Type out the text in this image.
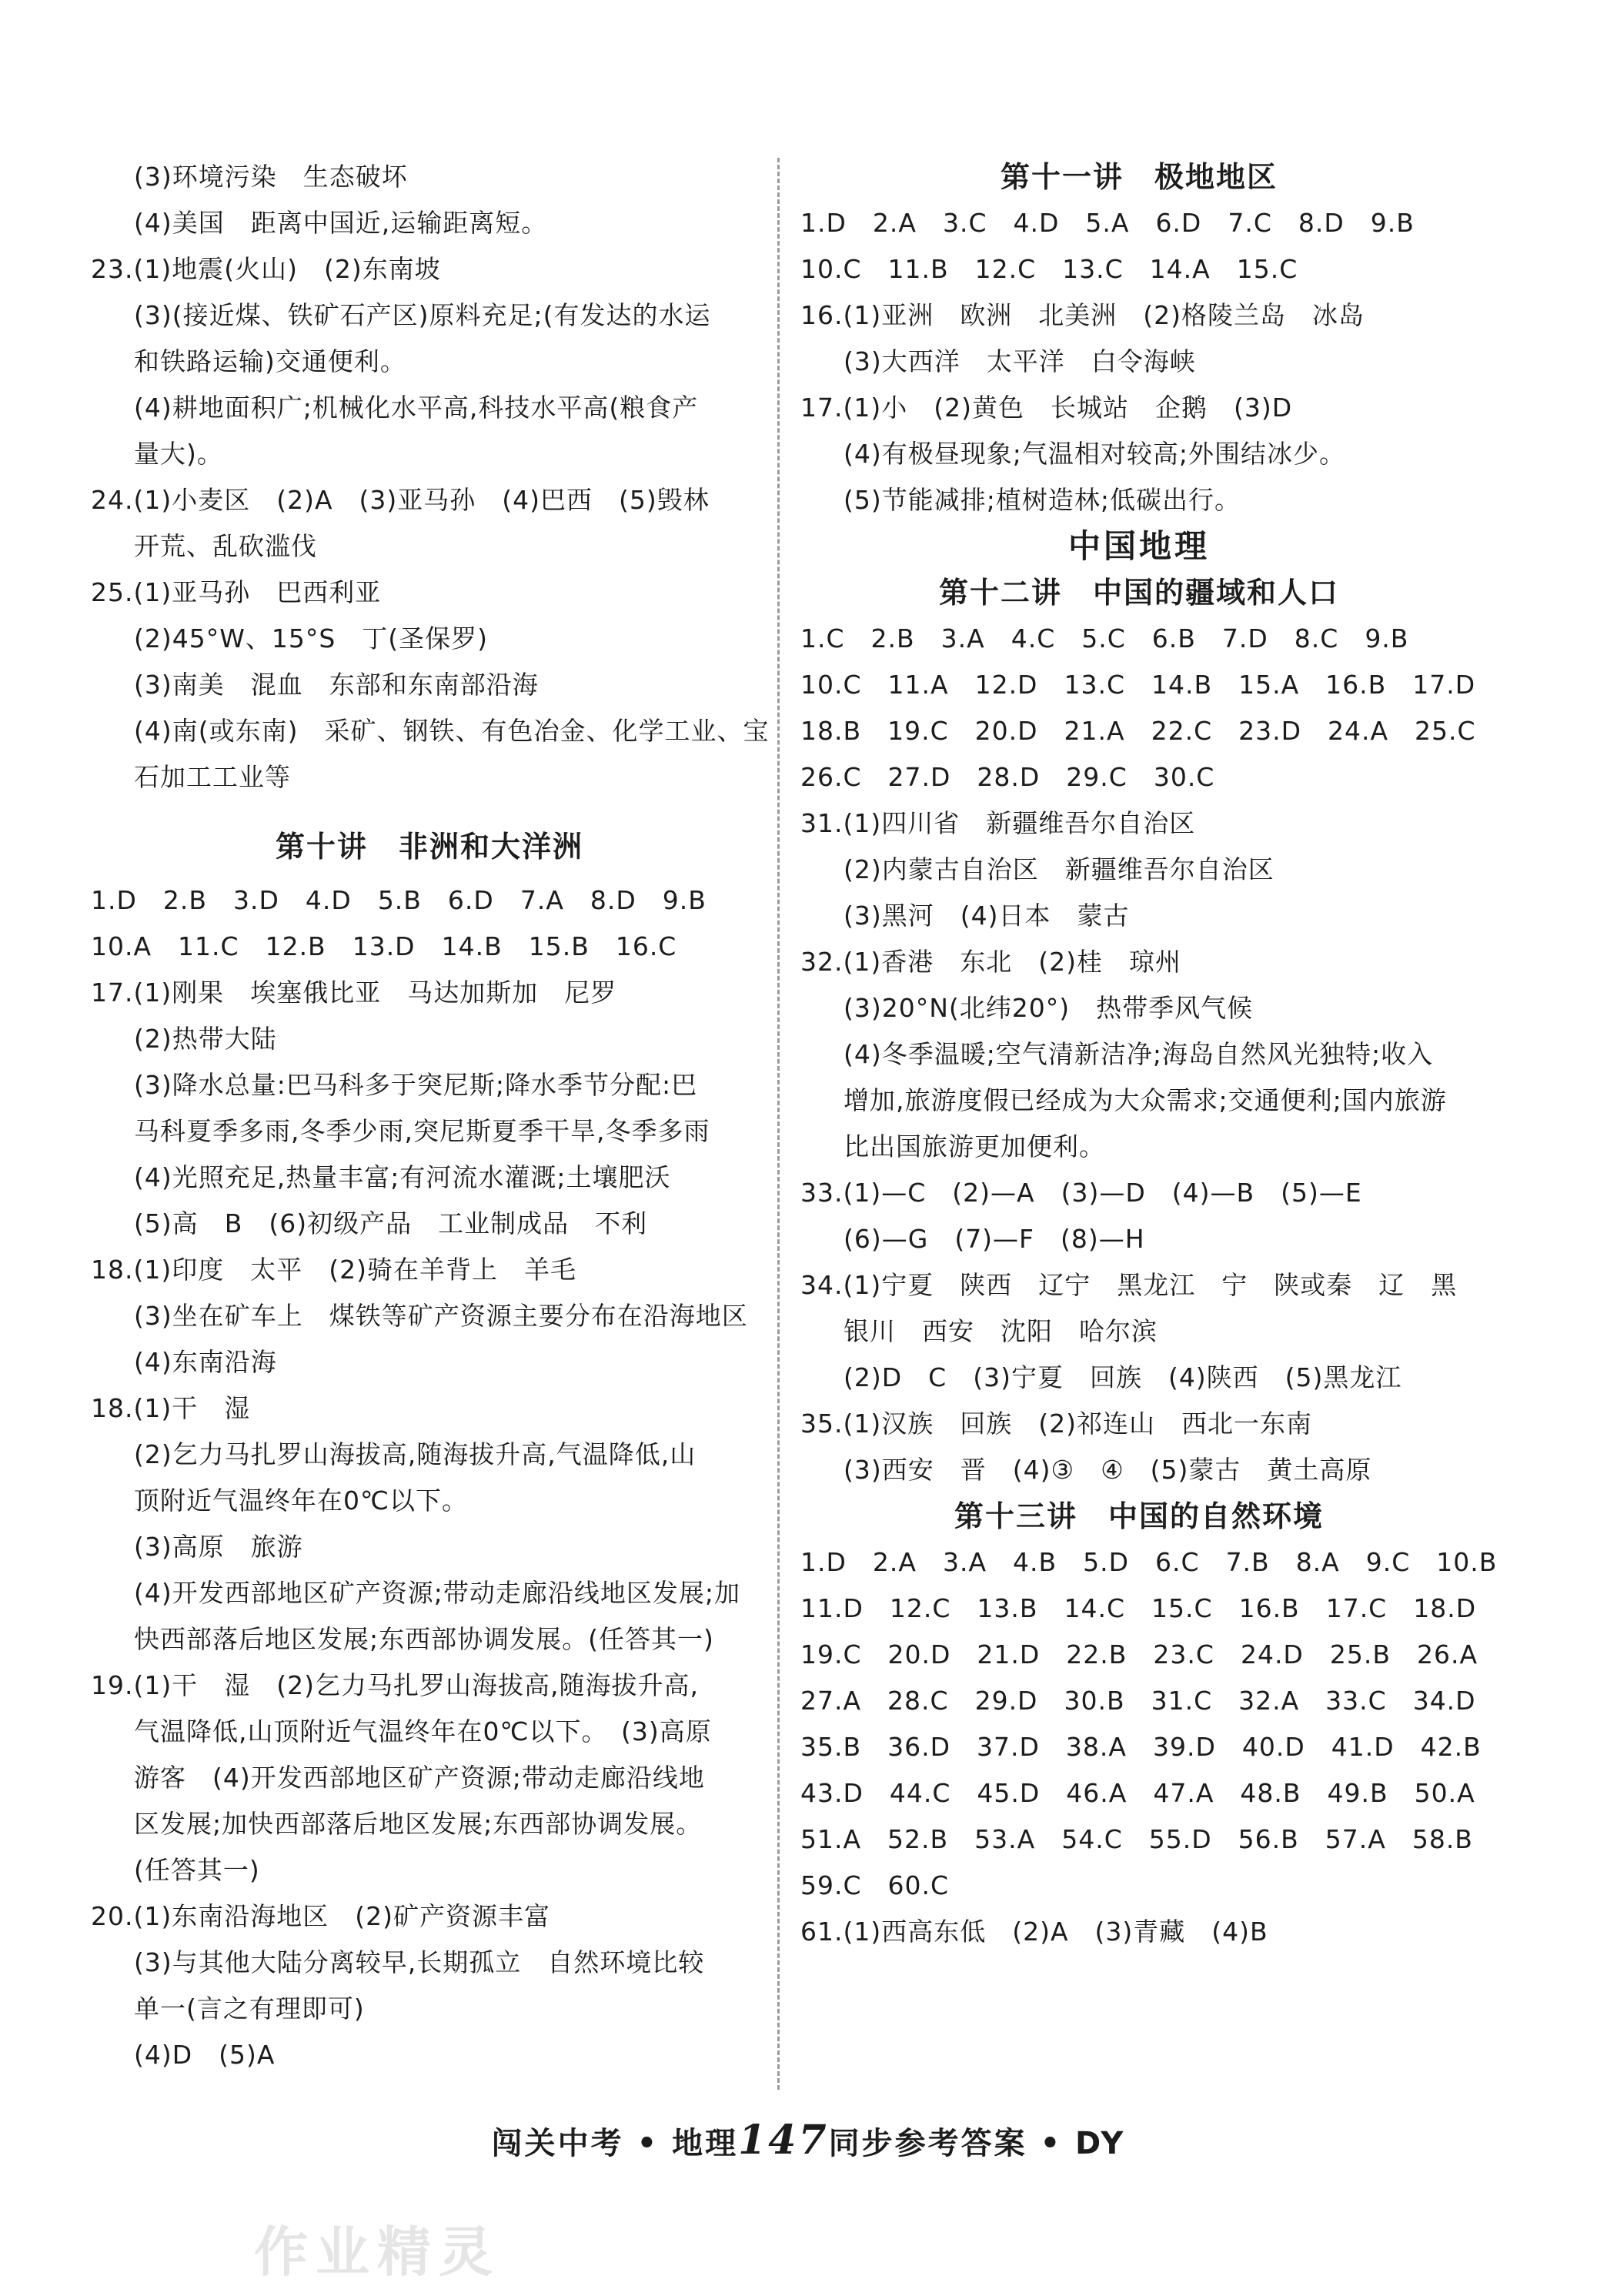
(3)环境污染　生态破坏
(4)美国　距离中国近,运输距离短。
23.(1)地震(火山)　(2)东南坡
(3)(接近煤、铁矿石产区)原料充足;(有发达的水运
和铁路运输)交通便利。
(4)耕地面积广;机械化水平高,科技水平高(粮食产
量大)。
24.(1)小麦区　(2)A　(3)亚马孙　(4)巴西　(5)毁林
开荒、乱砍滥伐
25.(1)亚马孙　巴西利亚
(2)45°W、15°S　丁(圣保罗)
(3)南美　混血　东部和东南部沿海
(4)南(或东南)　采矿、钢铁、有色冶金、化学工业、宝
石加工工业等
第十讲　非洲和大洋洲
1.D　2.B　3.D　4.D　5.B　6.D　7.A　8.D　9.B
10.A　11.C　12.B　13.D　14.B　15.B　16.C
17.(1)刚果　埃塞俄比亚　马达加斯加　尼罗
(2)热带大陆
(3)降水总量:巴马科多于突尼斯;降水季节分配:巴
马科夏季多雨,冬季少雨,突尼斯夏季干旱,冬季多雨
(4)光照充足,热量丰富;有河流水灌溉;土壤肥沃
(5)高　B　(6)初级产品　工业制成品　不利
18.(1)印度　太平　(2)骑在羊背上　羊毛
(3)坐在矿车上　煤铁等矿产资源主要分布在沿海地区
(4)东南沿海
18.(1)干　湿
(2)乞力马扎罗山海拔高,随海拔升高,气温降低,山
顶附近气温终年在0℃以下。
(3)高原　旅游
(4)开发西部地区矿产资源;带动走廊沿线地区发展;加
快西部落后地区发展;东西部协调发展。(任答其一)
19.(1)干　湿　(2)乞力马扎罗山海拔高,随海拔升高,
气温降低,山顶附近气温终年在0℃以下。　(3)高原
游客　(4)开发西部地区矿产资源;带动走廊沿线地
区发展;加快西部落后地区发展;东西部协调发展。
(任答其一)
20.(1)东南沿海地区　(2)矿产资源丰富
(3)与其他大陆分离较早,长期孤立　自然环境比较
单一(言之有理即可)
(4)D　(5)A
第十一讲　极地地区
1.D　2.A　3.C　4.D　5.A　6.D　7.C　8.D　9.B
10.C　11.B　12.C　13.C　14.A　15.C
16.(1)亚洲　欧洲　北美洲　(2)格陵兰岛　冰岛
(3)大西洋　太平洋　白令海峡
17.(1)小　(2)黄色　长城站　企鹅　(3)D
(4)有极昼现象;气温相对较高;外围结冰少。
(5)节能减排;植树造林;低碳出行。
中国地理
第十二讲　中国的疆域和人口
1.C　2.B　3.A　4.C　5.C　6.B　7.D　8.C　9.B
10.C　11.A　12.D　13.C　14.B　15.A　16.B　17.D
18.B　19.C　20.D　21.A　22.C　23.D　24.A　25.C
26.C　27.D　28.D　29.C　30.C
31.(1)四川省　新疆维吾尔自治区
(2)内蒙古自治区　新疆维吾尔自治区
(3)黑河　(4)日本　蒙古
32.(1)香港　东北　(2)桂　琼州
(3)20°N(北纬20°)　热带季风气候
(4)冬季温暖;空气清新洁净;海岛自然风光独特;收入
增加,旅游度假已经成为大众需求;交通便利;国内旅游
比出国旅游更加便利。
33.(1)—C　(2)—A　(3)—D　(4)—B　(5)—E
(6)—G　(7)—F　(8)—H
34.(1)宁夏　陕西　辽宁　黑龙江　宁　陕或秦　辽　黑
银川　西安　沈阳　哈尔滨
(2)D　C　(3)宁夏　回族　(4)陕西　(5)黑龙江
35.(1)汉族　回族　(2)祁连山　西北一东南
(3)西安　晋　(4)③　④　(5)蒙古　黄土高原
第十三讲　中国的自然环境
1.D　2.A　3.A　4.B　5.D　6.C　7.B　8.A　9.C　10.B
11.D　12.C　13.B　14.C　15.C　16.B　17.C　18.D
19.C　20.D　21.D　22.B　23.C　24.D　25.B　26.A
27.A　28.C　29.D　30.B　31.C　32.A　33.C　34.D
35.B　36.D　37.D　38.A　39.D　40.D　41.D　42.B
43.D　44.C　45.D　46.A　47.A　48.B　49.B　50.A
51.A　52.B　53.A　54.C　55.D　56.B　57.A　58.B
59.C　60.C
61.(1)西高东低　(2)A　(3)青藏　(4)B
闯关中考 • 地理147同步参考答案 • DY
作业精灵
